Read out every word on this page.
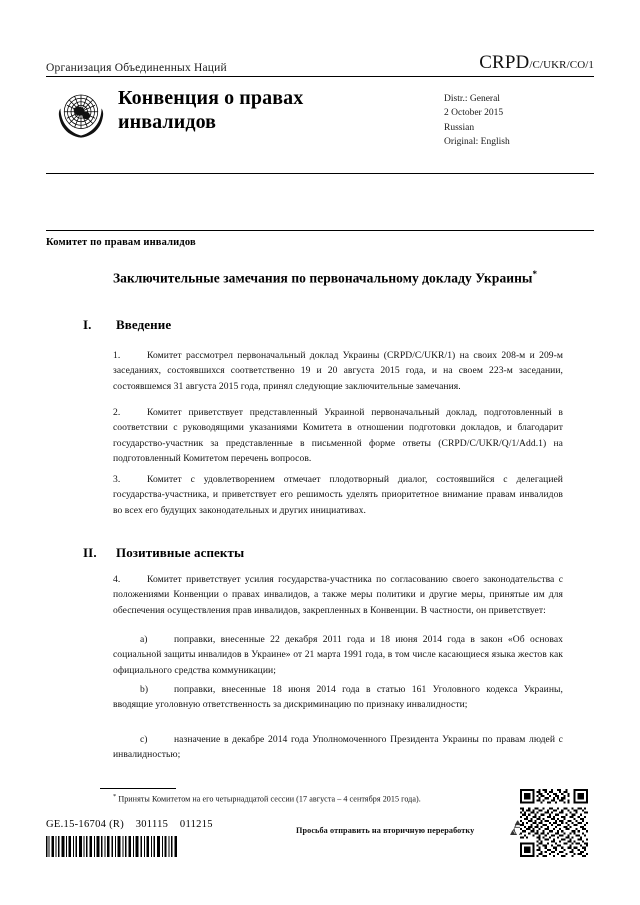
Организация Объединенных Наций	CRPD/C/UKR/CO/1
Конвенция о правах инвалидов
Distr.: General
2 October 2015
Russian
Original: English
Комитет по правам инвалидов
Заключительные замечания по первоначальному докладу Украины*
I.	Введение
1.	Комитет рассмотрел первоначальный доклад Украины (CRPD/C/UKR/1) на своих 208-м и 209-м заседаниях, состоявшихся соответственно 19 и 20 августа 2015 года, и на своем 223-м заседании, состоявшемся 31 августа 2015 года, принял следующие заключительные замечания.
2.	Комитет приветствует представленный Украиной первоначальный доклад, подготовленный в соответствии с руководящими указаниями Комитета в отношении подготовки докладов, и благодарит государство-участник за представленные в письменной форме ответы (CRPD/C/UKR/Q/1/Add.1) на подготовленный Комитетом перечень вопросов.
3.	Комитет с удовлетворением отмечает плодотворный диалог, состоявшийся с делегацией государства-участника, и приветствует его решимость уделять приоритетное внимание правам инвалидов во всех его будущих законодательных и других инициативах.
II.	Позитивные аспекты
4.	Комитет приветствует усилия государства-участника по согласованию своего законодательства с положениями Конвенции о правах инвалидов, а также меры политики и другие меры, принятые им для обеспечения осуществления прав инвалидов, закрепленных в Конвенции. В частности, он приветствует:
a)	поправки, внесенные 22 декабря 2011 года и 18 июня 2014 года в закон «Об основах социальной защиты инвалидов в Украине» от 21 марта 1991 года, в том числе касающиеся языка жестов как официального средства коммуникации;
b)	поправки, внесенные 18 июня 2014 года в статью 161 Уголовного кодекса Украины, вводящие уголовную ответственность за дискриминацию по признаку инвалидности;
c)	назначение в декабре 2014 года Уполномоченного Президента Украины по правам людей с инвалидностью;
* Приняты Комитетом на его четырнадцатой сессии (17 августа – 4 сентября 2015 года).
GE.15-16704 (R)    301115    011215
Просьба отправить на вторичную переработку
